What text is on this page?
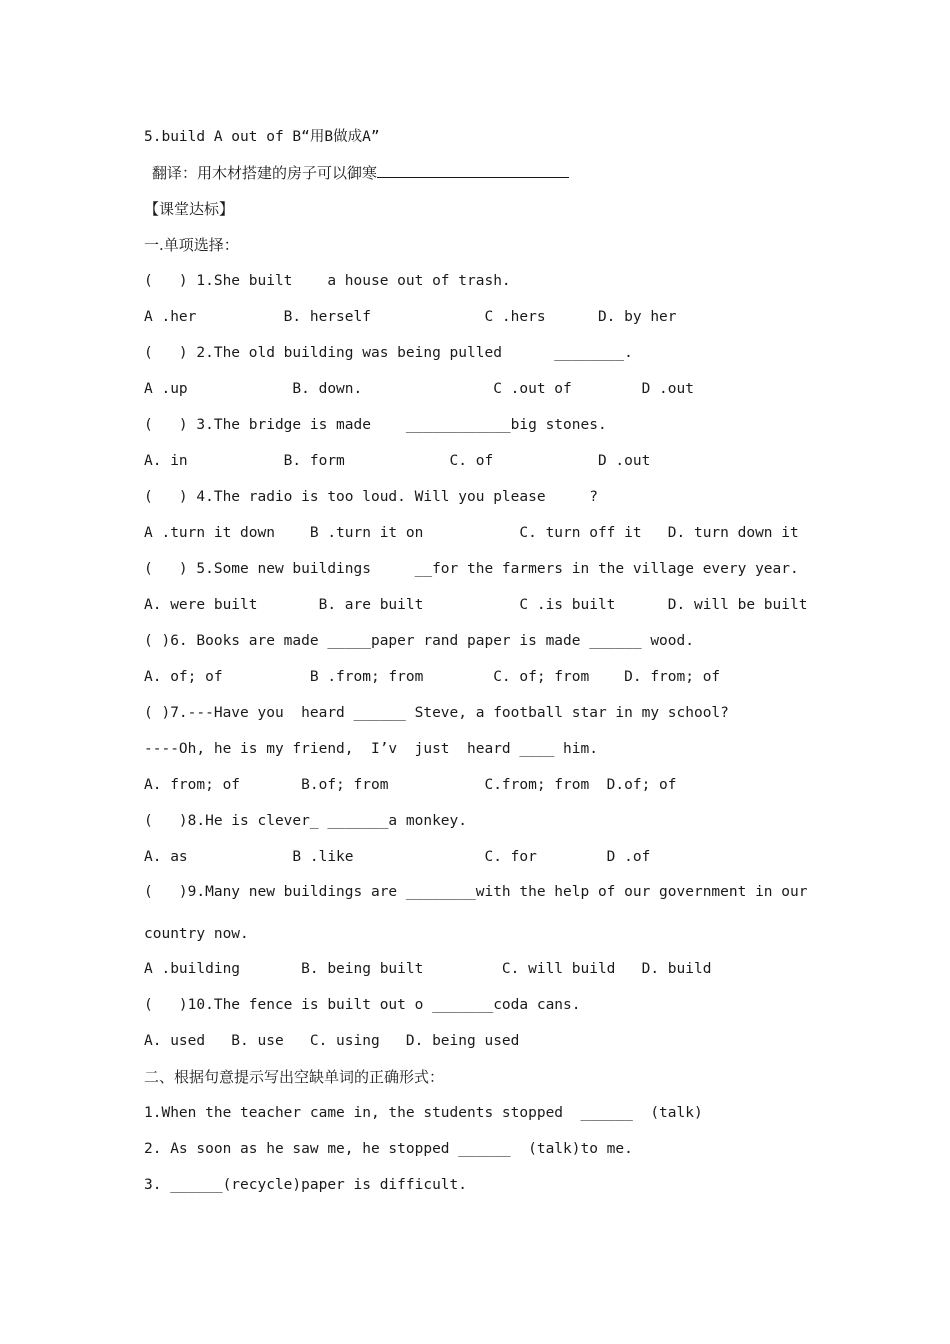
5.build A out of B“用B做成A”
翻译：用木材搭建的房子可以御寒
【课堂达标】
一.单项选择：
(   ) 1.She built    a house out of trash.
A .her          B. herself             C .hers      D. by her
(   ) 2.The old building was being pulled      ________.
A .up            B. down.               C .out of        D .out
(   ) 3.The bridge is made    ____________big stones.
A. in           B. form            C. of            D .out
(   ) 4.The radio is too loud. Will you please     ?
A .turn it down    B .turn it on           C. turn off it   D. turn down it
(   ) 5.Some new buildings     __for the farmers in the village every year.
A. were built       B. are built           C .is built      D. will be built
( )6. Books are made _____paper rand paper is made ______ wood.
A. of; of          B .from; from        C. of; from    D. from; of
( )7.---Have you  heard ______ Steve, a football star in my school?
----Oh, he is my friend,  I’v  just  heard ____ him.
A. from; of       B.of; from           C.from; from  D.of; of
(   )8.He is clever_ _______a monkey.
A. as            B .like               C. for        D .of
(   )9.Many new buildings are ________with the help of our government in our
country now.
A .building       B. being built         C. will build   D. build
(   )10.The fence is built out o _______coda cans.
A. used   B. use   C. using   D. being used
二、根据句意提示写出空缺单词的正确形式：
1.When the teacher came in, the students stopped  ______  (talk)
2. As soon as he saw me, he stopped ______  (talk)to me.
3. ______(recycle)paper is difficult.
